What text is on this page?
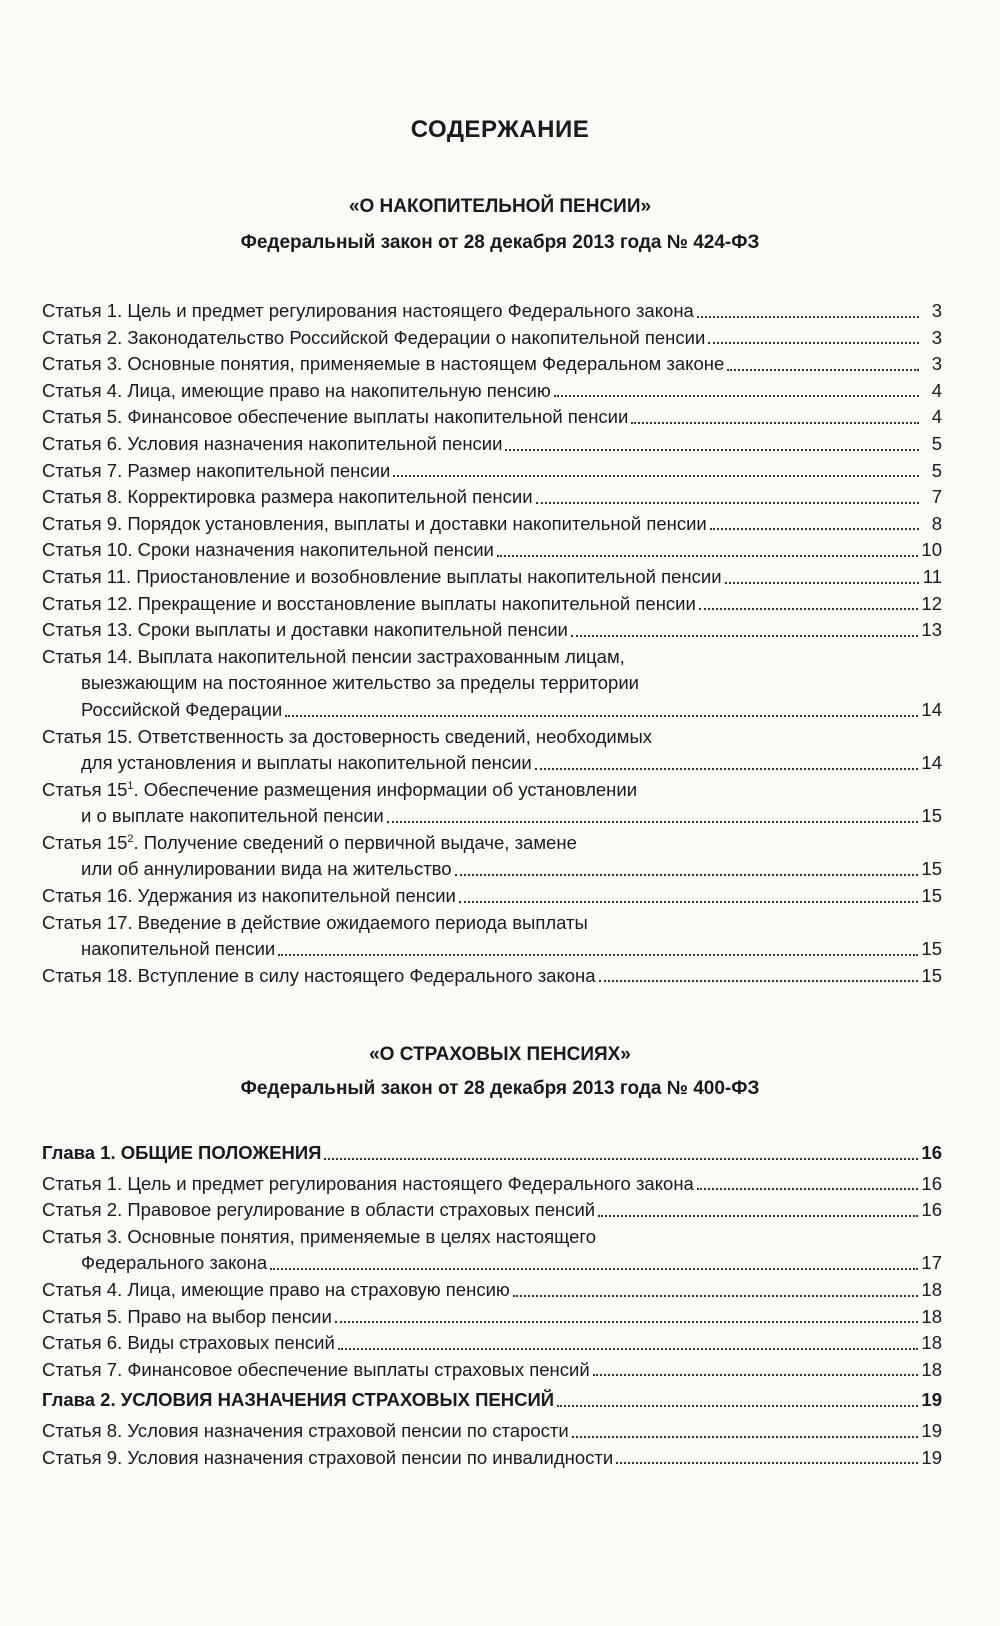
СОДЕРЖАНИЕ
«О НАКОПИТЕЛЬНОЙ ПЕНСИИ»
Федеральный закон от 28 декабря 2013 года № 424-ФЗ
Статья 1. Цель и предмет регулирования настоящего Федерального закона	3
Статья 2. Законодательство Российской Федерации о накопительной пенсии	3
Статья 3. Основные понятия, применяемые в настоящем Федеральном законе	3
Статья 4. Лица, имеющие право на накопительную пенсию	4
Статья 5. Финансовое обеспечение выплаты накопительной пенсии	4
Статья 6. Условия назначения накопительной пенсии	5
Статья 7. Размер накопительной пенсии	5
Статья 8. Корректировка размера накопительной пенсии	7
Статья 9. Порядок установления, выплаты и доставки накопительной пенсии	8
Статья 10. Сроки назначения накопительной пенсии	10
Статья 11. Приостановление и возобновление выплаты накопительной пенсии	11
Статья 12. Прекращение и восстановление выплаты накопительной пенсии	12
Статья 13. Сроки выплаты и доставки накопительной пенсии	13
Статья 14. Выплата накопительной пенсии застрахованным лицам,
выезжающим на постоянное жительство за пределы территории
Российской Федерации	14
Статья 15. Ответственность за достоверность сведений, необходимых
для установления и выплаты накопительной пенсии	14
Статья $15^1$. Обеспечение размещения информации об установлении
и о выплате накопительной пенсии	15
Статья $15^2$. Получение сведений о первичной выдаче, замене
или об аннулировании вида на жительство	15
Статья 16. Удержания из накопительной пенсии	15
Статья 17. Введение в действие ожидаемого периода выплаты
накопительной пенсии	15
Статья 18. Вступление в силу настоящего Федерального закона	15
«О СТРАХОВЫХ ПЕНСИЯХ»
Федеральный закон от 28 декабря 2013 года № 400-ФЗ
Глава 1. ОБЩИЕ ПОЛОЖЕНИЯ	16
Статья 1. Цель и предмет регулирования настоящего Федерального закона	16
Статья 2. Правовое регулирование в области страховых пенсий	16
Статья 3. Основные понятия, применяемые в целях настоящего
Федерального закона	17
Статья 4. Лица, имеющие право на страховую пенсию	18
Статья 5. Право на выбор пенсии	18
Статья 6. Виды страховых пенсий	18
Статья 7. Финансовое обеспечение выплаты страховых пенсий	18
Глава 2. УСЛОВИЯ НАЗНАЧЕНИЯ СТРАХОВЫХ ПЕНСИЙ	19
Статья 8. Условия назначения страховой пенсии по старости	19
Статья 9. Условия назначения страховой пенсии по инвалидности	19
